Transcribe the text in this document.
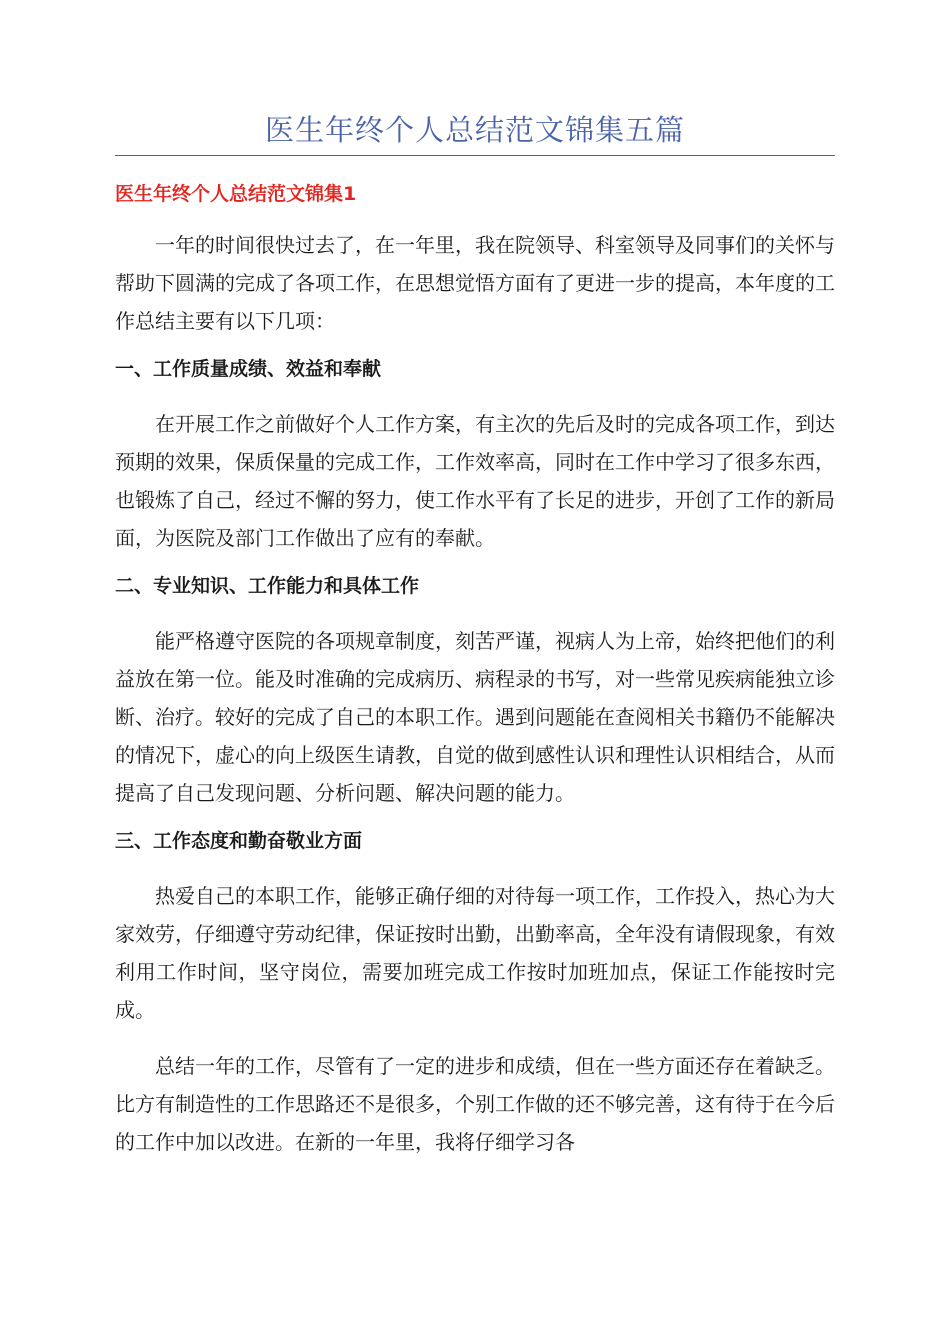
医生年终个人总结范文锦集五篇
医生年终个人总结范文锦集1

一年的时间很快过去了，在一年里，我在院领导、科室领导及同事们的关怀与帮助下圆满的完成了各项工作，在思想觉悟方面有了更进一步的提高，本年度的工作总结主要有以下几项：

一、工作质量成绩、效益和奉献

在开展工作之前做好个人工作方案，有主次的先后及时的完成各项工作，到达预期的效果，保质保量的完成工作，工作效率高，同时在工作中学习了很多东西，也锻炼了自己，经过不懈的努力，使工作水平有了长足的进步，开创了工作的新局面，为医院及部门工作做出了应有的奉献。

二、专业知识、工作能力和具体工作

能严格遵守医院的各项规章制度，刻苦严谨，视病人为上帝，始终把他们的利益放在第一位。能及时准确的完成病历、病程录的书写，对一些常见疾病能独立诊断、治疗。较好的完成了自己的本职工作。遇到问题能在查阅相关书籍仍不能解决的情况下，虚心的向上级医生请教，自觉的做到感性认识和理性认识相结合，从而提高了自己发现问题、分析问题、解决问题的能力。

三、工作态度和勤奋敬业方面

热爱自己的本职工作，能够正确仔细的对待每一项工作，工作投入，热心为大家效劳，仔细遵守劳动纪律，保证按时出勤，出勤率高，全年没有请假现象，有效利用工作时间，坚守岗位，需要加班完成工作按时加班加点，保证工作能按时完成。

总结一年的工作，尽管有了一定的进步和成绩，但在一些方面还存在着缺乏。比方有制造性的工作思路还不是很多，个别工作做的还不够完善，这有待于在今后的工作中加以改进。在新的一年里，我将仔细学习各
